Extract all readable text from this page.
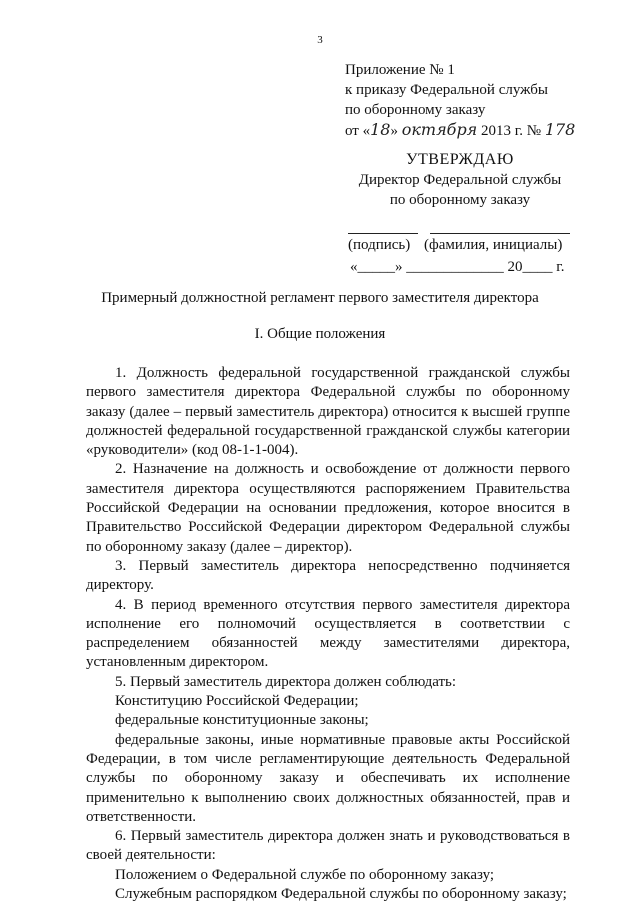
3
Приложение № 1
к приказу Федеральной службы
по оборонному заказу
от «18» октября 2013 г. № 178
УТВЕРЖДАЮ
Директор Федеральной службы
по оборонному заказу
(подпись) (фамилия, инициалы)
«_____» _____________ 20____ г.
Примерный должностной регламент первого заместителя директора
I. Общие положения

1. Должность федеральной государственной гражданской службы первого заместителя директора Федеральной службы по оборонному заказу (далее – первый заместитель директора) относится к высшей группе должностей федеральной государственной гражданской службы категории «руководители» (код 08-1-1-004).

2. Назначение на должность и освобождение от должности первого заместителя директора осуществляются распоряжением Правительства Российской Федерации на основании предложения, которое вносится в Правительство Российской Федерации директором Федеральной службы по оборонному заказу (далее – директор).

3. Первый заместитель директора непосредственно подчиняется директору.

4. В период временного отсутствия первого заместителя директора исполнение его полномочий осуществляется в соответствии с распределением обязанностей между заместителями директора, установленным директором.

5. Первый заместитель директора должен соблюдать:

Конституцию Российской Федерации;

федеральные конституционные законы;

федеральные законы, иные нормативные правовые акты Российской Федерации, в том числе регламентирующие деятельность Федеральной службы по оборонному заказу и обеспечивать их исполнение применительно к выполнению своих должностных обязанностей, прав и ответственности.

6. Первый заместитель директора должен знать и руководствоваться в своей деятельности:

Положением о Федеральной службе по оборонному заказу;

Служебным распорядком Федеральной службы по оборонному заказу;
